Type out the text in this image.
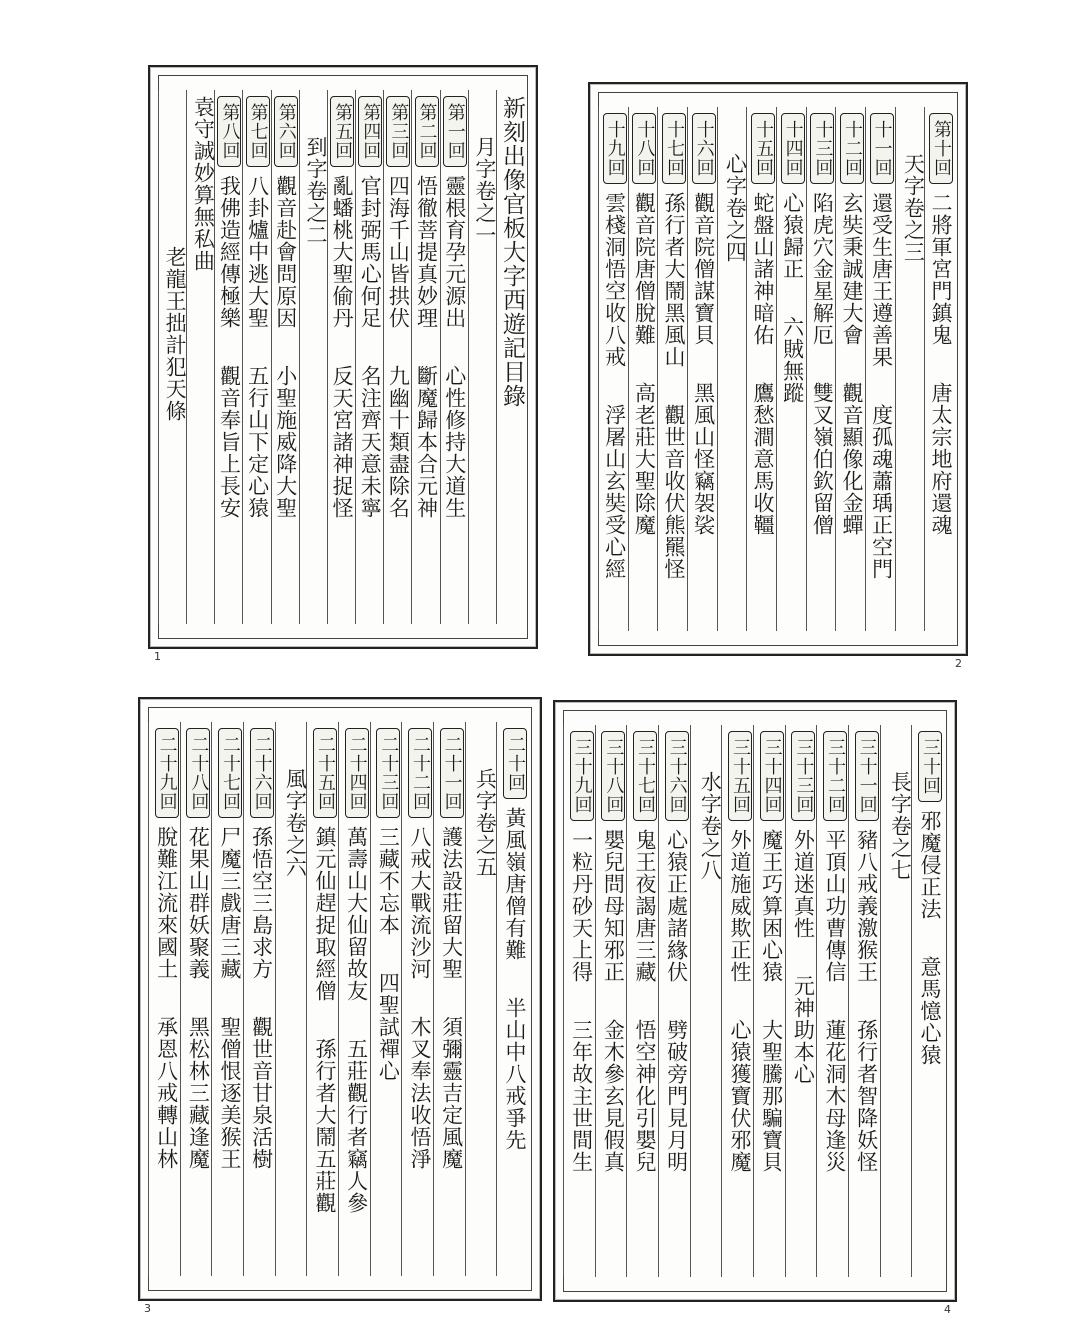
新刻出像官板大字西遊記目錄
月字卷之一
第一回靈根育孕元源出心性修持大道生
第二回悟徹菩提真妙理斷魔歸本合元神
第三回四海千山皆拱伏九幽十類盡除名
第四回官封弼馬心何足名注齊天意未寧
第五回亂蟠桃大聖偷丹反天宮諸神捉怪
到字卷之二
第六回觀音赴會問原因小聖施威降大聖
第七回八卦爐中逃大聖五行山下定心猿
第八回我佛造經傳極樂觀音奉旨上長安
袁守誠妙算無私曲
老龍王拙計犯天條
1
第十回二將軍宮門鎮鬼唐太宗地府還魂
天字卷之三
十一回還受生唐王遵善果度孤魂蕭瑀正空門
十二回玄奘秉誠建大會觀音顯像化金蟬
十三回陷虎穴金星解厄雙叉嶺伯欽留僧
十四回心猿歸正六賊無蹤
十五回蛇盤山諸神暗佑鷹愁澗意馬收韁
心字卷之四
十六回觀音院僧謀寶貝黑風山怪竊袈裟
十七回孫行者大鬧黑風山觀世音收伏熊羆怪
十八回觀音院唐僧脫難高老莊大聖除魔
十九回雲棧洞悟空收八戒浮屠山玄奘受心經
2
二十回黃風嶺唐僧有難半山中八戒爭先
兵字卷之五
二十一回護法設莊留大聖須彌靈吉定風魔
二十二回八戒大戰流沙河木叉奉法收悟淨
二十三回三藏不忘本四聖試禪心
二十四回萬壽山大仙留故友五莊觀行者竊人參
二十五回鎮元仙趕捉取經僧孫行者大鬧五莊觀
風字卷之六
二十六回孫悟空三島求方觀世音甘泉活樹
二十七回尸魔三戲唐三藏聖僧恨逐美猴王
二十八回花果山群妖聚義黑松林三藏逢魔
二十九回脫難江流來國土承恩八戒轉山林
3
三十回邪魔侵正法意馬憶心猿
長字卷之七
三十一回豬八戒義激猴王孫行者智降妖怪
三十二回平頂山功曹傳信蓮花洞木母逢災
三十三回外道迷真性元神助本心
三十四回魔王巧算困心猿大聖騰那騙寶貝
三十五回外道施威欺正性心猿獲寶伏邪魔
水字卷之八
三十六回心猿正處諸緣伏劈破旁門見月明
三十七回鬼王夜謁唐三藏悟空神化引嬰兒
三十八回嬰兒問母知邪正金木參玄見假真
三十九回一粒丹砂天上得三年故主世間生
4
